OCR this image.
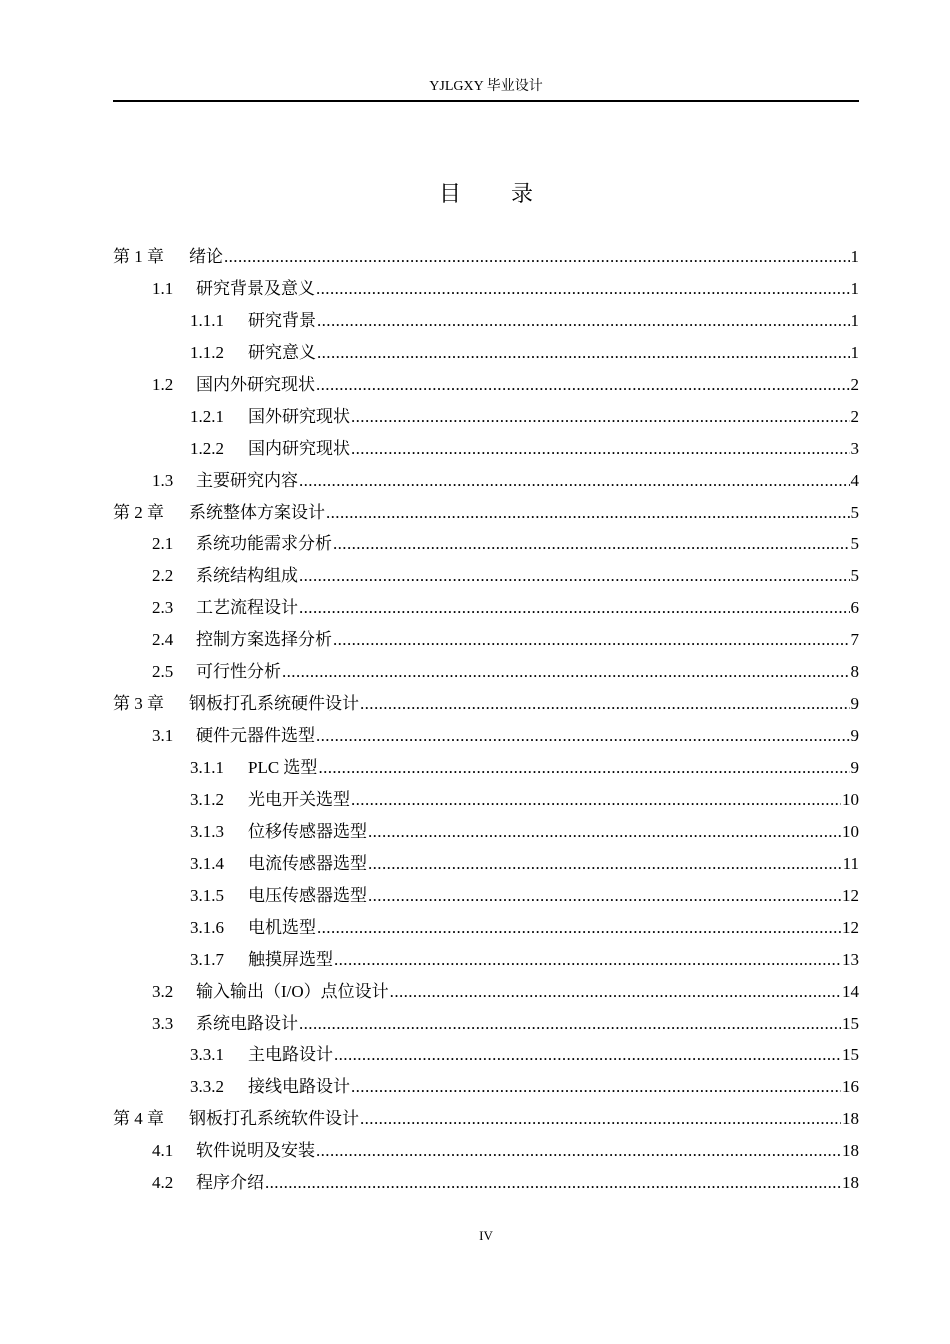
YJLGXY 毕业设计
目 录
第 1 章	绪论 .....	1
1.1	研究背景及意义 .....	1
1.1.1	研究背景 .....	1
1.1.2	研究意义 .....	1
1.2	国内外研究现状 .....	2
1.2.1	国外研究现状 .....	2
1.2.2	国内研究现状 .....	3
1.3	主要研究内容 .....	4
第 2 章	系统整体方案设计 .....	5
2.1	系统功能需求分析 .....	5
2.2	系统结构组成 .....	5
2.3	工艺流程设计 .....	6
2.4	控制方案选择分析 .....	7
2.5	可行性分析 .....	8
第 3 章	钢板打孔系统硬件设计 .....	9
3.1	硬件元器件选型 .....	9
3.1.1	PLC 选型 .....	9
3.1.2	光电开关选型 .....	10
3.1.3	位移传感器选型 .....	10
3.1.4	电流传感器选型 .....	11
3.1.5	电压传感器选型 .....	12
3.1.6	电机选型 .....	12
3.1.7	触摸屏选型 .....	13
3.2	输入输出（I/O）点位设计 .....	14
3.3	系统电路设计 .....	15
3.3.1	主电路设计 .....	15
3.3.2	接线电路设计 .....	16
第 4 章	钢板打孔系统软件设计 .....	18
4.1	软件说明及安装 .....	18
4.2	程序介绍 .....	18
IV
